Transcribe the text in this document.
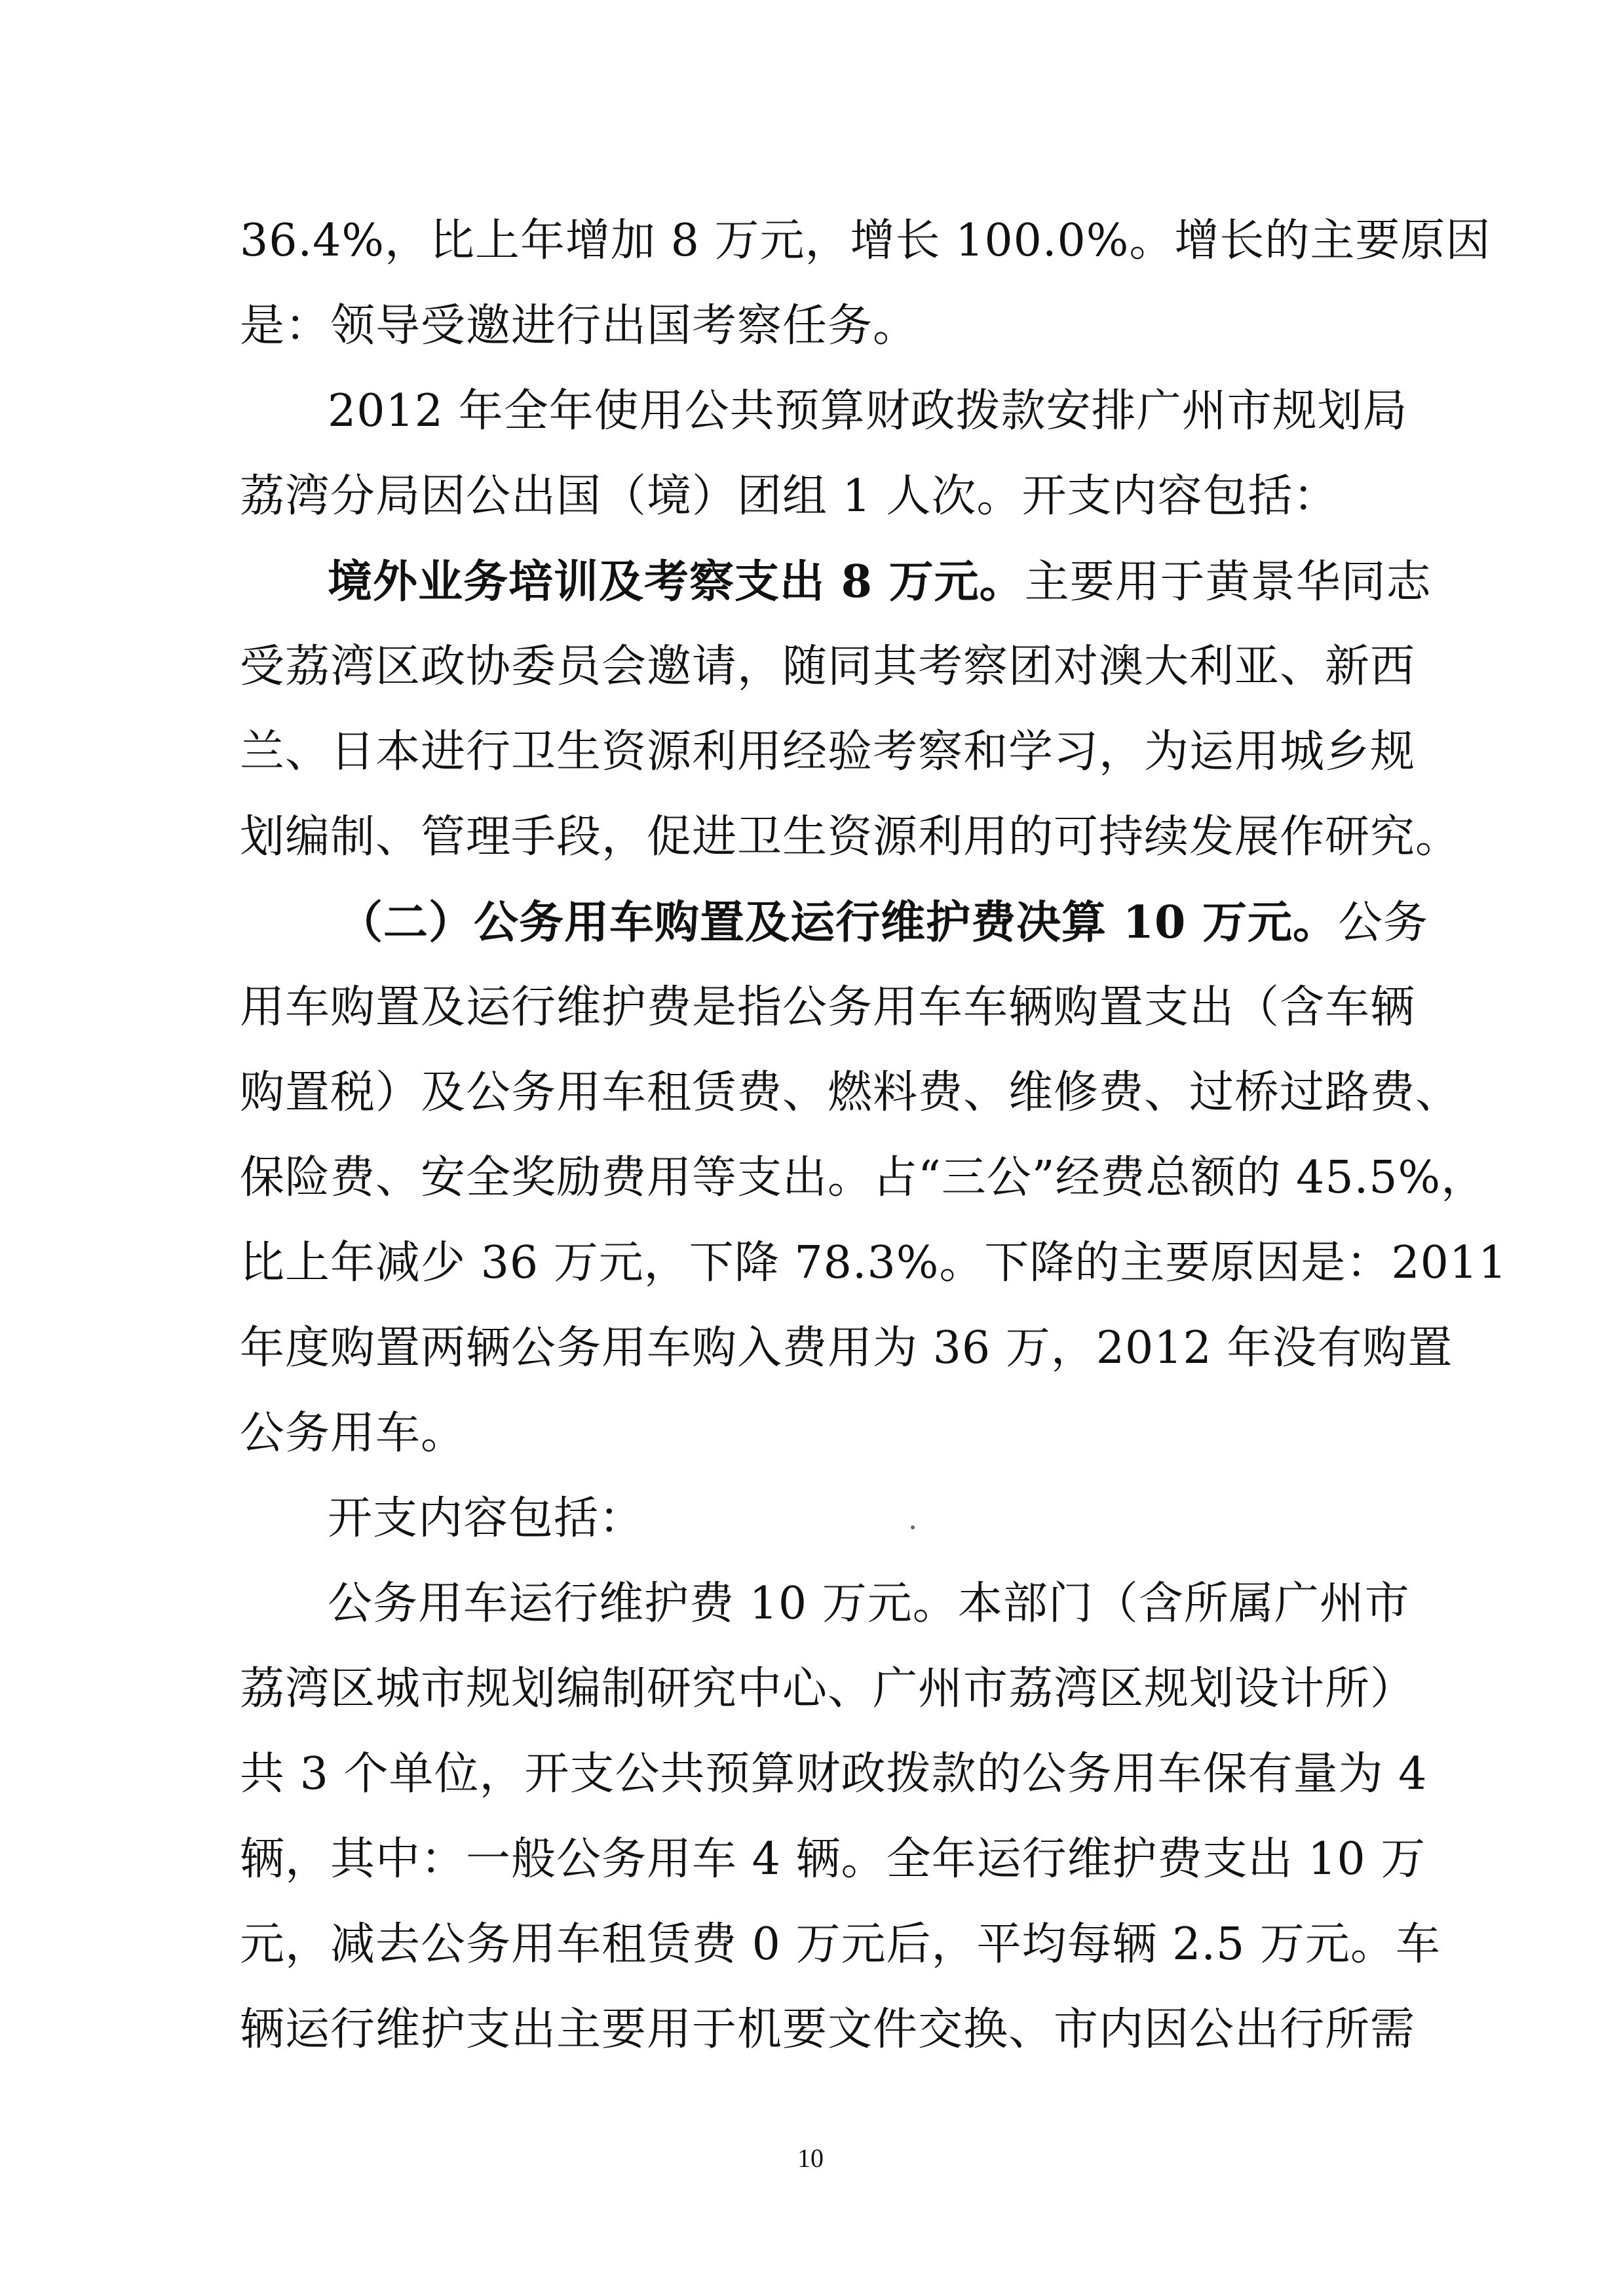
36.4%，比上年增加 8 万元，增长 100.0%。增长的主要原因
是：领导受邀进行出国考察任务。
2012 年全年使用公共预算财政拨款安排广州市规划局
荔湾分局因公出国（境）团组 1 人次。开支内容包括：
境外业务培训及考察支出 8 万元。主要用于黄景华同志
受荔湾区政协委员会邀请，随同其考察团对澳大利亚、新西
兰、日本进行卫生资源利用经验考察和学习，为运用城乡规
划编制、管理手段，促进卫生资源利用的可持续发展作研究。
（二）公务用车购置及运行维护费决算 10 万元。公务
用车购置及运行维护费是指公务用车车辆购置支出（含车辆
购置税）及公务用车租赁费、燃料费、维修费、过桥过路费、
保险费、安全奖励费用等支出。占“三公”经费总额的 45.5%，
比上年减少 36 万元，下降 78.3%。下降的主要原因是：2011
年度购置两辆公务用车购入费用为 36 万，2012 年没有购置
公务用车。
开支内容包括：
公务用车运行维护费 10 万元。本部门（含所属广州市
荔湾区城市规划编制研究中心、广州市荔湾区规划设计所）
共 3 个单位，开支公共预算财政拨款的公务用车保有量为 4
辆，其中：一般公务用车 4 辆。全年运行维护费支出 10 万
元，减去公务用车租赁费 0 万元后，平均每辆 2.5 万元。车
辆运行维护支出主要用于机要文件交换、市内因公出行所需
10
